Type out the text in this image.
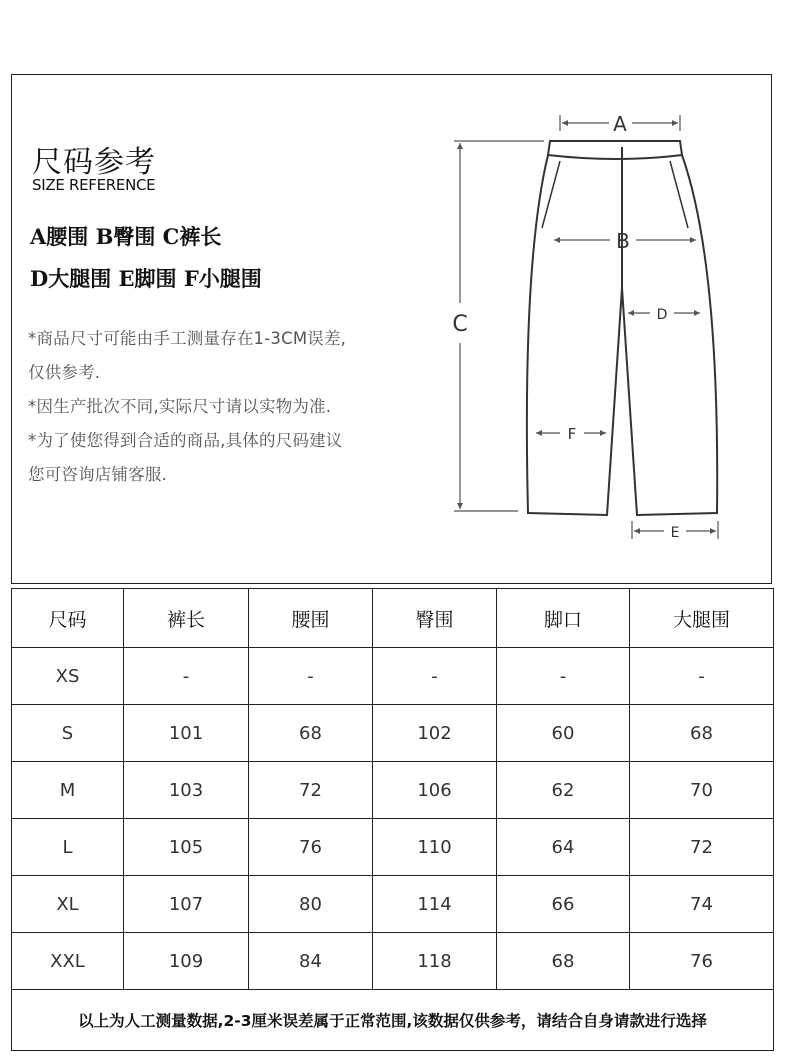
尺码参考
SIZE REFERENCE
A腰围 B臀围 C裤长
D大腿围 E脚围 F小腿围
*商品尺寸可能由手工测量存在1-3CM误差,
仅供参考.
*因生产批次不同,实际尺寸请以实物为准.
*为了使您得到合适的商品,具体的尺码建议
您可咨询店铺客服.
A
B
C	D
F
E
尺码	裤长	腰围	臀围	脚口	大腿围
XS	-	-	-	-	-
S	101	68	102	60	68
M	103	72	106	62	70
L	105	76	110	64	72
XL	107	80	114	66	74
XXL	109	84	118	68	76
以上为人工测量数据,2-3厘米误差属于正常范围,该数据仅供参考，请结合自身请款进行选择					
